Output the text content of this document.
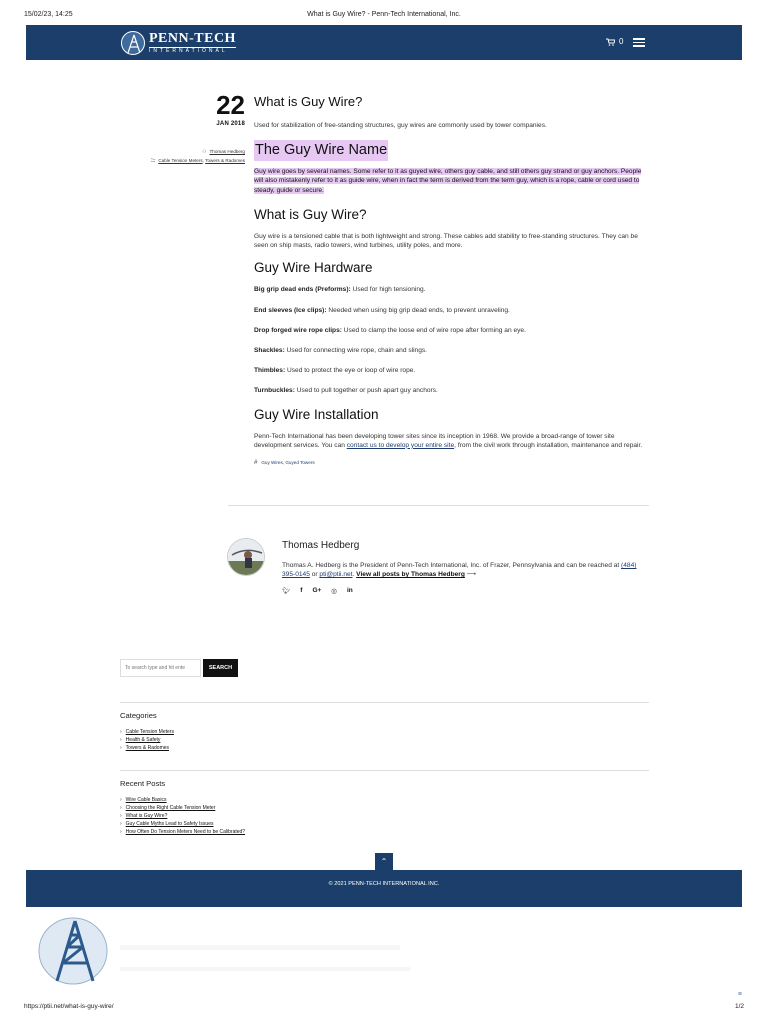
15/02/23, 14:25	What is Guy Wire? - Penn-Tech International, Inc.
PENN-TECH
INTERNATIONAL
0
22
JAN 2018
⚇ Thomas Hedberg
🗀 Cable Tension Meters, Towers & Radomes
What is Guy Wire?

Used for stabilization of free-standing structures, guy wires are commonly used by tower companies.

The Guy Wire Name
Guy wire goes by several names. Some refer to it as guyed wire, others guy cable, and still others guy strand or guy anchors. People will also mistakenly refer to it as guide wire, when in fact the term is derived from the term guy, which is a rope, cable or cord used to steady, guide or secure.
What is Guy Wire?

Guy wire is a tensioned cable that is both lightweight and strong. These cables add stability to free-standing structures. They can be seen on ship masts, radio towers, wind turbines, utility poles, and more.

Guy Wire Hardware

Big grip dead ends (Preforms): Used for high tensioning.

End sleeves (Ice clips): Needed when using big grip dead ends, to prevent unraveling.

Drop forged wire rope clips: Used to clamp the loose end of wire rope after forming an eye.

Shackles: Used for connecting wire rope, chain and slings.

Thimbles: Used to protect the eye or loop of wire rope.

Turnbuckles: Used to pull together or push apart guy anchors.

Guy Wire Installation

Penn-Tech International has been developing tower sites since its inception in 1968. We provide a broad-range of tower site development services. You can contact us to develop your entire site, from the civil work through installation, maintenance and repair.

# Guy Wires, Guyed Towers
Thomas Hedberg
Thomas A. Hedberg is the President of Penn-Tech International, Inc. of Frazer, Pennsylvania and can be reached at (484) 395-0145 or pti@ptii.net. View all posts by Thomas Hedberg ⟶
🐦︎ f G+ ◎ in
To search type and hit ente
SEARCH
Categories
› Cable Tension Meters
› Health & Safety
› Towers & Radomes
Recent Posts
› Wire Cable Basics
› Choosing the Right Cable Tension Meter
› What is Guy Wire?
› Guy Cable Myths Lead to Safety Issues
› How Often Do Tension Meters Need to be Calibrated?
⌃
© 2021 PENN-TECH INTERNATIONAL INC.
https://ptii.net/what-is-guy-wire/
≡
1/2
